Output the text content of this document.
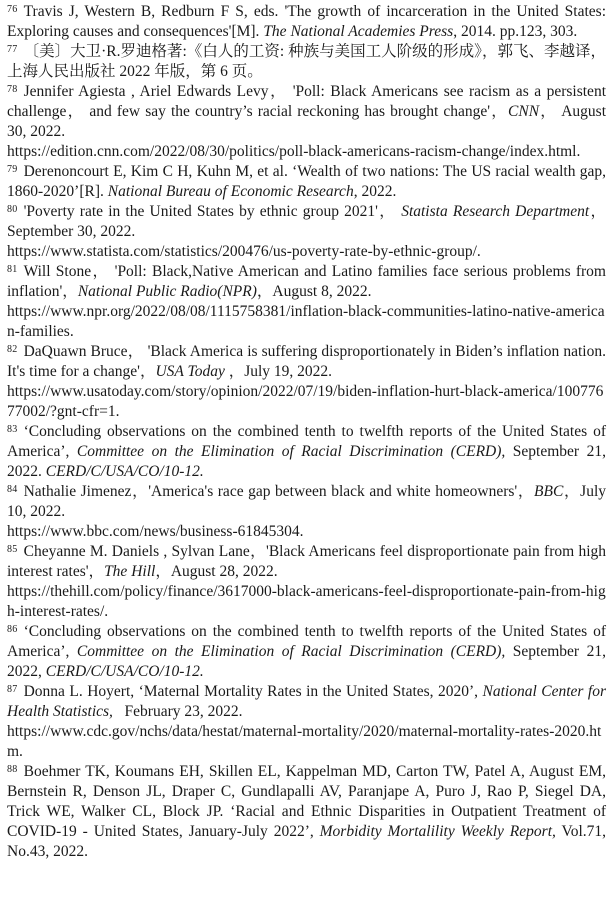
$^{76}$ Travis J, Western B, Redburn F S, eds. 'The growth of incarceration in the United States: Exploring causes and consequences'[M]. The National Academies Press, 2014. pp.123, 303.

$^{77}$ 〔美〕大卫·R.罗迪格著:《白人的工资: 种族与美国工人阶级的形成》，郭飞、李越译，上海人民出版社 2022 年版，第 6 页。

$^{78}$ Jennifer Agiesta , Ariel Edwards Levy， 'Poll: Black Americans see racism as a persistent challenge， and few say the country’s racial reckoning has brought change'，CNN， August 30, 2022.
https://edition.cnn.com/2022/08/30/politics/poll-black-americans-racism-change/index.html.

$^{79}$ Derenoncourt E, Kim C H, Kuhn M, et al. ‘Wealth of two nations: The US racial wealth gap, 1860-2020’[R]. National Bureau of Economic Research, 2022.

$^{80}$ 'Poverty rate in the United States by ethnic group 2021'， Statista Research Department，September 30, 2022.
https://www.statista.com/statistics/200476/us-poverty-rate-by-ethnic-group/.

$^{81}$ Will Stone， 'Poll: Black,Native American and Latino families face serious problems from inflation'，National Public Radio(NPR)，August 8, 2022.
https://www.npr.org/2022/08/08/1115758381/inflation-black-communities-latino-native-american-families.

$^{82}$ DaQuawn Bruce， 'Black America is suffering disproportionately in Biden’s inflation nation. It's time for a change'，USA Today ，July 19, 2022.
https://www.usatoday.com/story/opinion/2022/07/19/biden-inflation-hurt-black-america/10077677002/?gnt-cfr=1.

$^{83}$ ‘Concluding observations on the combined tenth to twelfth reports of the United States of America’, Committee on the Elimination of Racial Discrimination (CERD), September 21, 2022. CERD/C/USA/CO/10-12.

$^{84}$ Nathalie Jimenez，'America's race gap between black and white homeowners'，BBC，July 10, 2022.
https://www.bbc.com/news/business-61845304.

$^{85}$ Cheyanne M. Daniels , Sylvan Lane，'Black Americans feel disproportionate pain from high interest rates'，The Hill，August 28, 2022.
https://thehill.com/policy/finance/3617000-black-americans-feel-disproportionate-pain-from-high-interest-rates/.

$^{86}$ ‘Concluding observations on the combined tenth to twelfth reports of the United States of America’, Committee on the Elimination of Racial Discrimination (CERD), September 21, 2022, CERD/C/USA/CO/10-12.

$^{87}$ Donna L. Hoyert, ‘Maternal Mortality Rates in the United States, 2020’, National Center for Health Statistics,   February 23, 2022.
https://www.cdc.gov/nchs/data/hestat/maternal-mortality/2020/maternal-mortality-rates-2020.htm.

$^{88}$ Boehmer TK, Koumans EH, Skillen EL, Kappelman MD, Carton TW, Patel A, August EM, Bernstein R, Denson JL, Draper C, Gundlapalli AV, Paranjape A, Puro J, Rao P, Siegel DA, Trick WE, Walker CL, Block JP. ‘Racial and Ethnic Disparities in Outpatient Treatment of COVID-19 - United States, January-July 2022’, Morbidity Mortalility Weekly Report, Vol.71, No.43, 2022.
